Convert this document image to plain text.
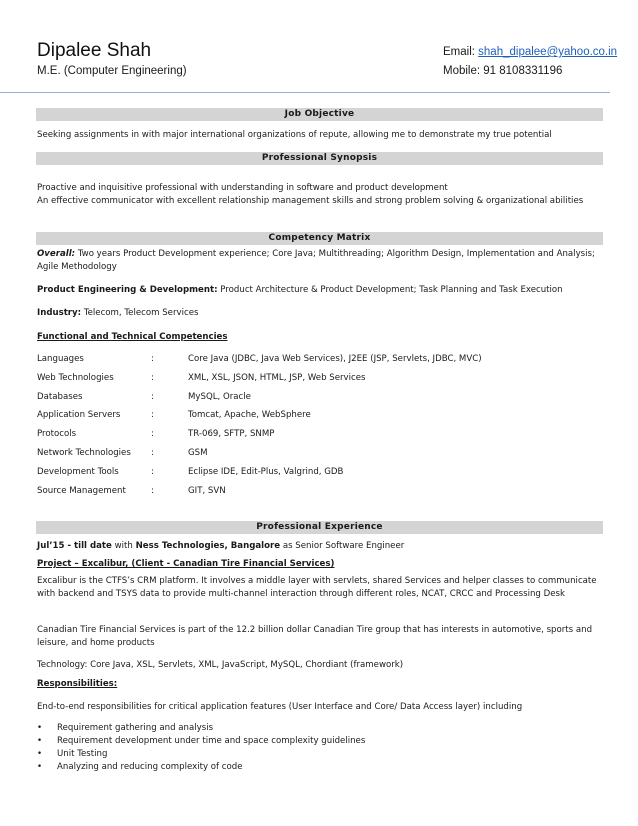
Dipalee Shah
M.E. (Computer Engineering)
Email: shah_dipalee@yahoo.co.in
Mobile: 91 8108331196
Job Objective
Seeking assignments in with major international organizations of repute, allowing me to demonstrate my true potential
Professional Synopsis
Proactive and inquisitive professional with understanding in software and product development
An effective communicator with excellent relationship management skills and strong problem solving & organizational abilities
Competency Matrix
Overall: Two years Product Development experience; Core Java; Multithreading; Algorithm Design, Implementation and Analysis; Agile Methodology
Product Engineering & Development: Product Architecture & Product Development; Task Planning and Task Execution
Industry: Telecom, Telecom Services
Functional and Technical Competencies
Languages	:	Core Java (JDBC, Java Web Services), J2EE (JSP, Servlets, JDBC, MVC)
Web Technologies	:	XML, XSL, JSON, HTML, JSP, Web Services
Databases	:	MySQL, Oracle
Application Servers	:	Tomcat, Apache, WebSphere
Protocols	:	TR-069, SFTP, SNMP
Network Technologies :	GSM
Development Tools	:	Eclipse IDE, Edit-Plus, Valgrind, GDB
Source Management	:	GIT, SVN
Professional Experience
Jul’15 - till date with Ness Technologies, Bangalore as Senior Software Engineer
Project – Excalibur, (Client - Canadian Tire Financial Services)
Excalibur is the CTFS’s CRM platform. It involves a middle layer with servlets, shared Services and helper classes to communicate with backend and TSYS data to provide multi-channel interaction through different roles, NCAT, CRCC and Processing Desk
Canadian Tire Financial Services is part of the 12.2 billion dollar Canadian Tire group that has interests in automotive, sports and leisure, and home products
Technology: Core Java, XSL, Servlets, XML, JavaScript, MySQL, Chordiant (framework)
Responsibilities:
End-to-end responsibilities for critical application features (User Interface and Core/ Data Access layer) including
• Requirement gathering and analysis
• Requirement development under time and space complexity guidelines
• Unit Testing
• Analyzing and reducing complexity of code
